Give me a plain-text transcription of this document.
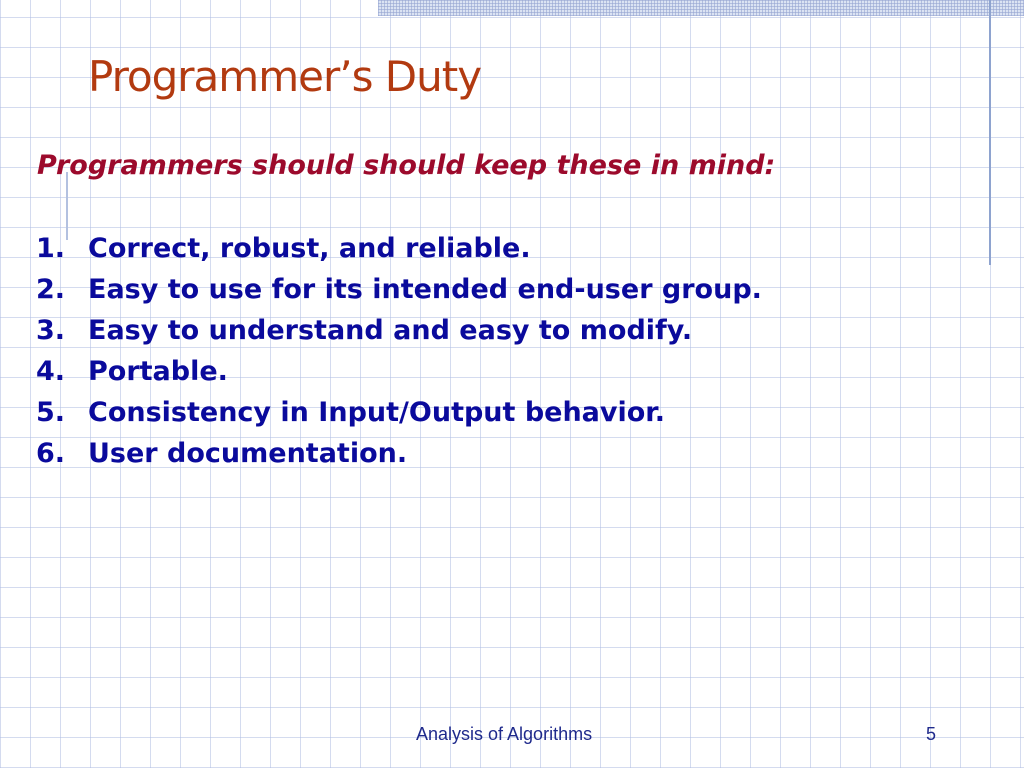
Programmer’s Duty

Programmers should should keep these in mind:

1. Correct, robust, and reliable.
2. Easy to use for its intended end-user group.
3. Easy to understand and easy to modify.
4. Portable.
5. Consistency in Input/Output behavior.
6. User documentation.
Analysis of Algorithms	5
